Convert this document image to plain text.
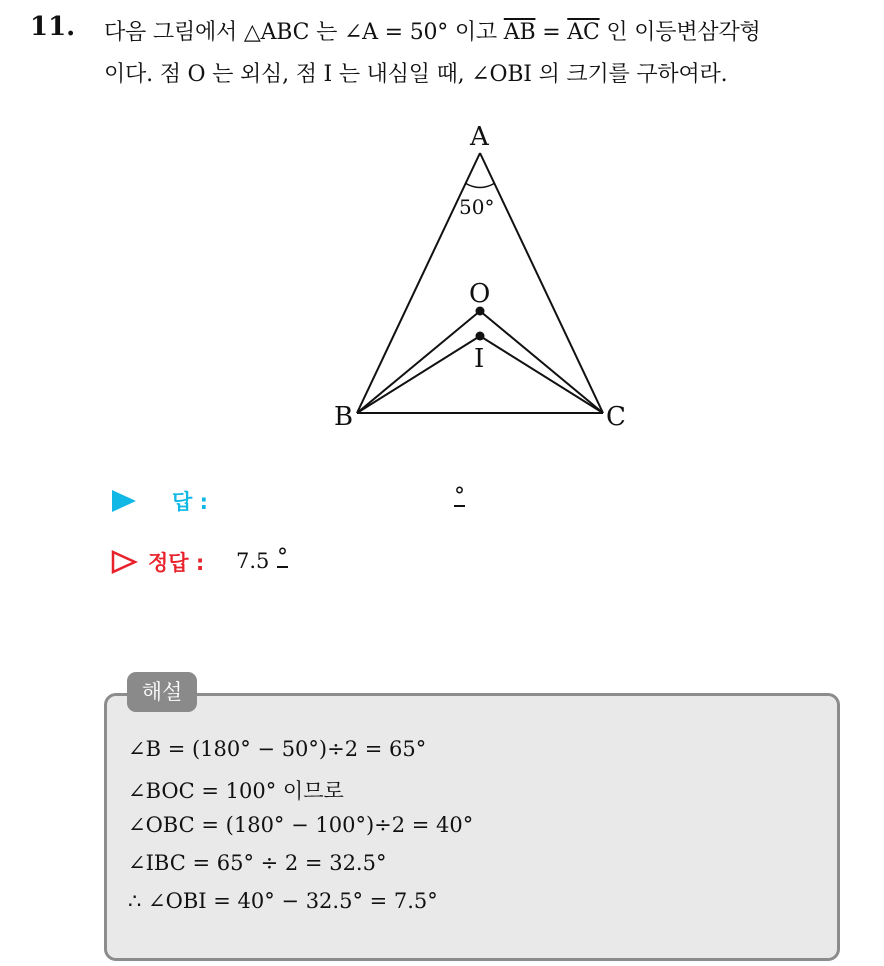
11. 다음 그림에서 △ABC 는 ∠A = 50° 이고 $\overline{AB} = \overline{AC}$ 인 이등변삼각형
이다. 점 O 는 외심, 점 I 는 내심일 때, ∠OBI 의 크기를 구하여라.
A
B	C
O
I
50°
답 :	°
정답 : 7.5 °
해설
∠B = (180° − 50°)÷2 = 65°
∠BOC = 100° 이므로
∠OBC = (180° − 100°)÷2 = 40°
∠IBC = 65° ÷ 2 = 32.5°
∴ ∠OBI = 40° − 32.5° = 7.5°
